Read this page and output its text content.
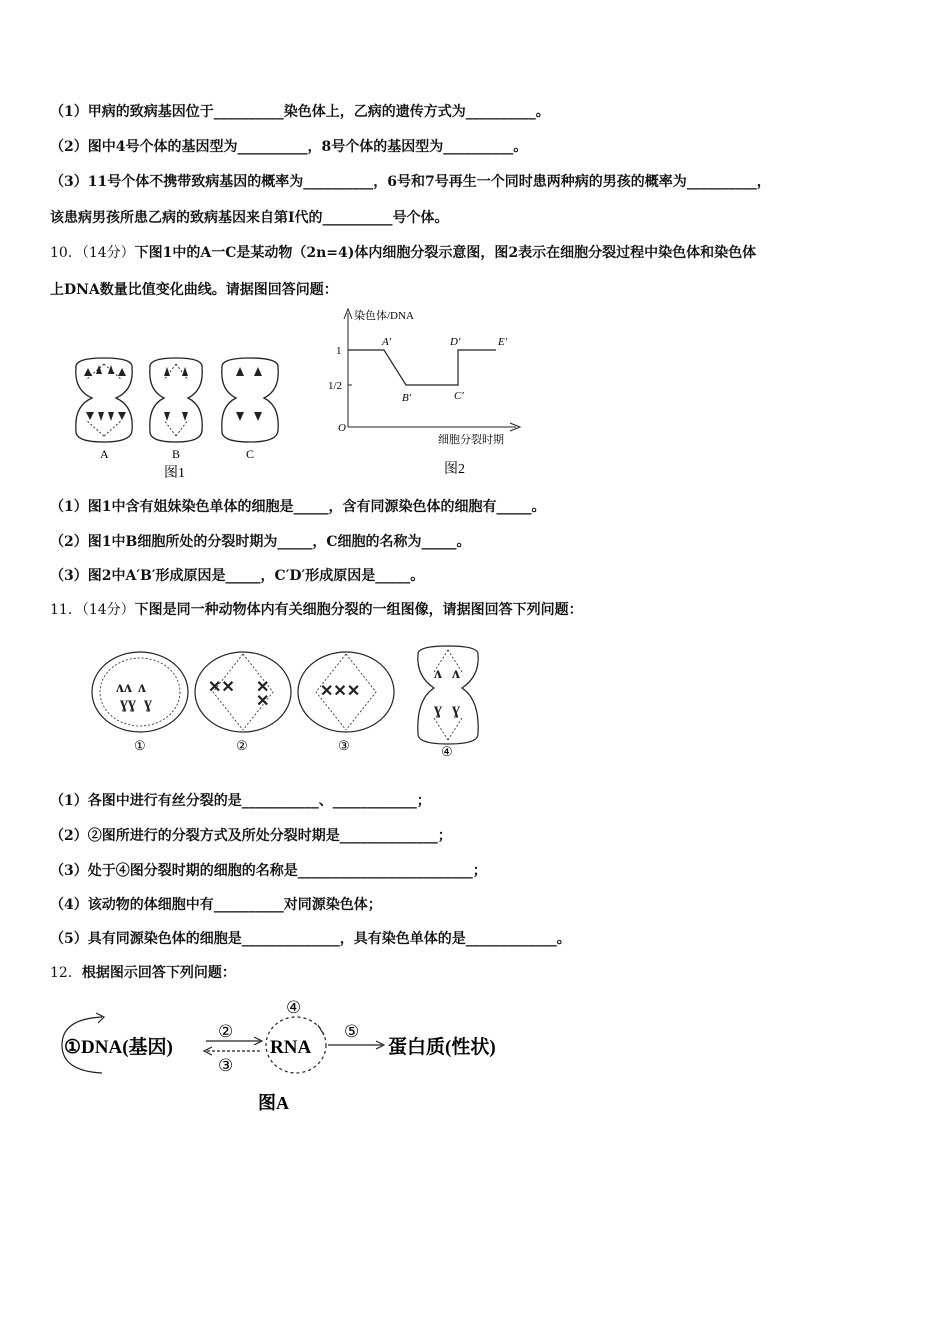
（1）甲病的致病基因位于__________染色体上，乙病的遗传方式为__________。
（2）图中4号个体的基因型为__________，8号个体的基因型为__________。
（3）11号个体不携带致病基因的概率为__________，6号和7号再生一个同时患两种病的男孩的概率为__________，
该患病男孩所患乙病的致病基因来自第Ⅰ代的__________号个体。
10．（14分）下图1中的A一C是某动物（2n=4)体内细胞分裂示意图，图2表示在细胞分裂过程中染色体和染色体
上DNA数量比值变化曲线。请据图回答问题：
A	B	C
图1
染色体/DNA
1
1/2
O
A′
B′	C′
D′	E′
细胞分裂时期
图2
（1）图1中含有姐妹染色单体的细胞是_____，含有同源染色体的细胞有_____。
（2）图1中B细胞所处的分裂时期为_____，C细胞的名称为_____。
（3）图2中A′B′形成原因是_____，C′D′形成原因是_____。
11．（14分）下图是同一种动物体内有关细胞分裂的一组图像，请据图回答下列问题：
ʌʌ ʌ
ɣɣ ɣ
✕✕ ✕
✕
✕✕✕
ʌ ʌ
ɣ ɣ
①	②	③	④
（1）各图中进行有丝分裂的是___________、____________；
（2）②图所进行的分裂方式及所处分裂时期是______________；
（3）处于④图分裂时期的细胞的名称是_________________________；
（4）该动物的体细胞中有__________对同源染色体；
（5）具有同源染色体的细胞是______________，具有染色单体的是_____________。
12．根据图示回答下列问题：
①DNA(基因)
②
③
④
RNA
⑤
蛋白质(性状)
图A
